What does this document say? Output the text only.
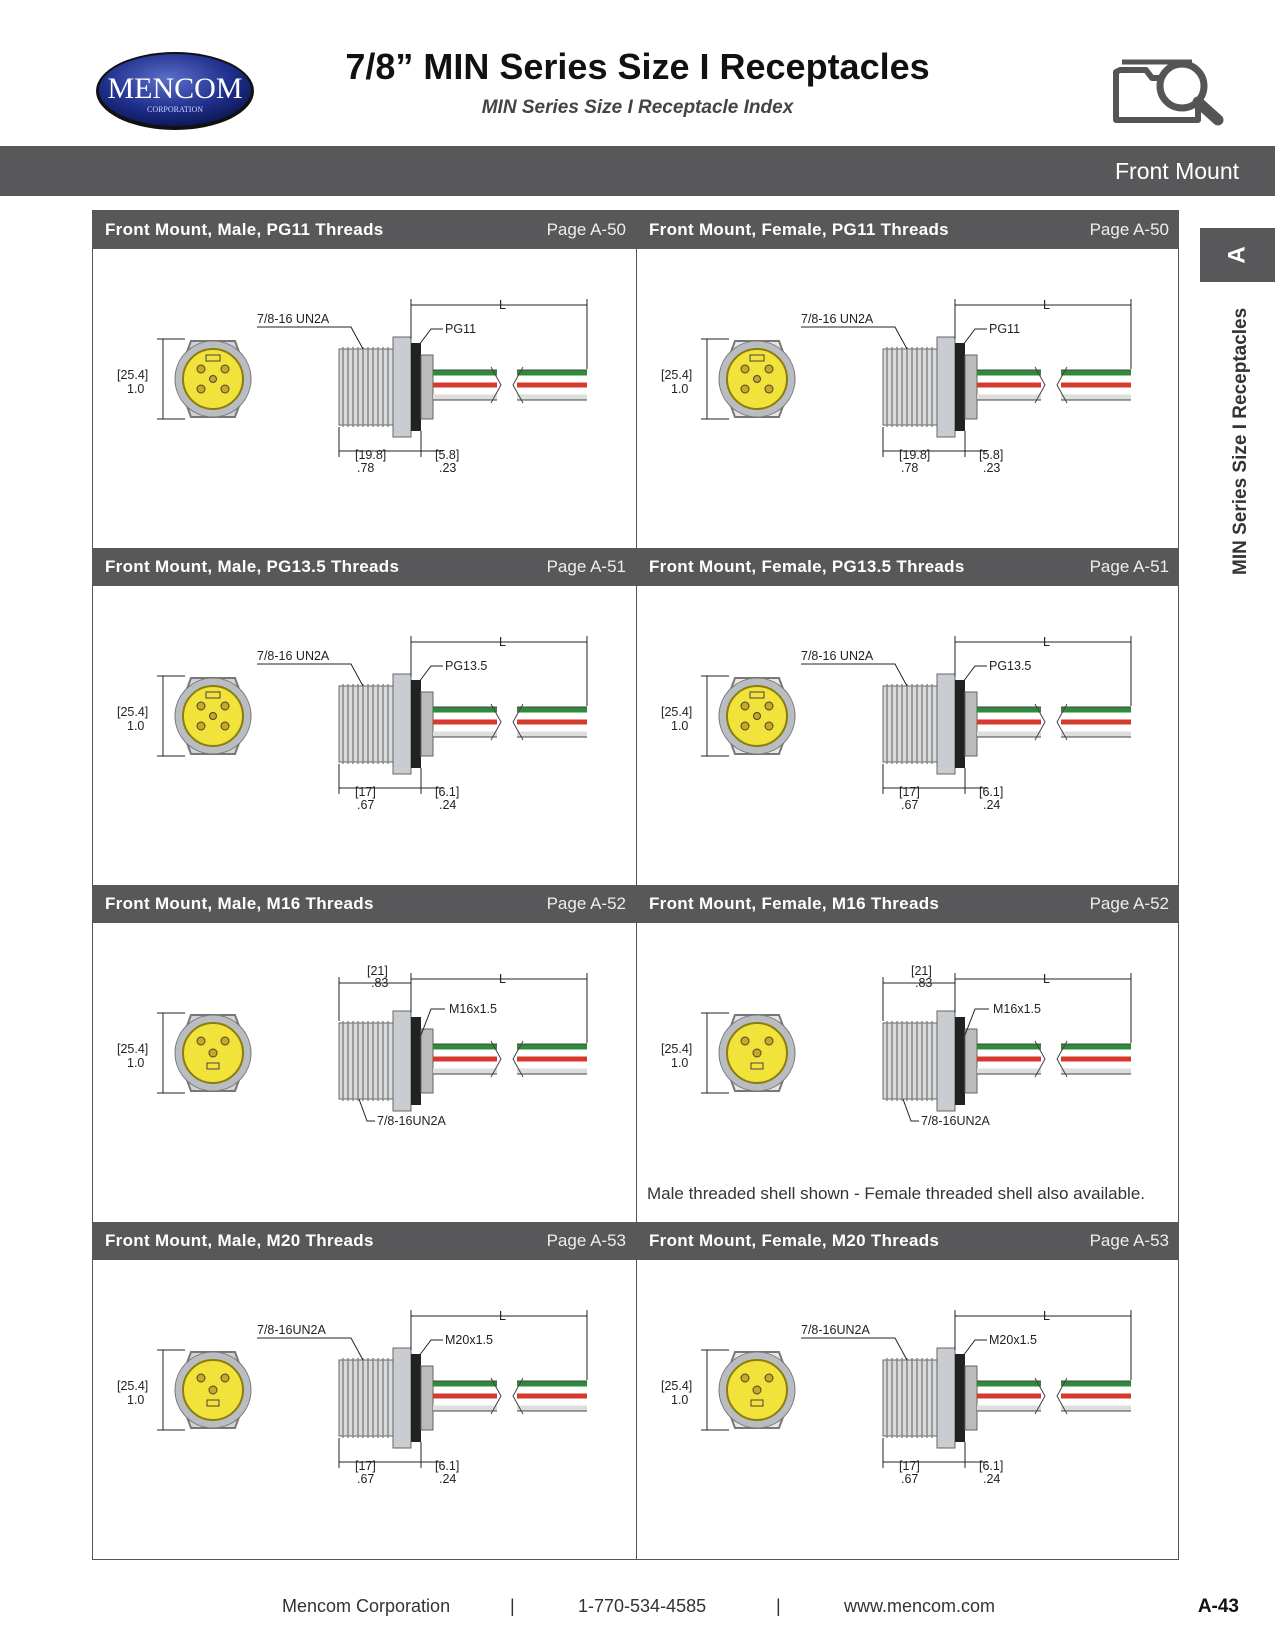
MENCOM
CORPORATION
7/8” MIN Series Size I Receptacles
MIN Series Size I Receptacle Index
Front Mount
A
MIN Series Size I Receptacles
Front Mount, Male, PG11 Threads	Page A-50
[25.4]
1.0
L
7/8-16 UN2A
PG11
[19.8]
.78
[5.8]
.23
Front Mount, Female, PG11 Threads	Page A-50
[25.4]
1.0
L
7/8-16 UN2A
PG11
[19.8]
.78
[5.8]
.23
Front Mount, Male, PG13.5 Threads	Page A-51
[25.4]
1.0
L
7/8-16 UN2A
PG13.5
[17]
.67
[6.1]
.24
Front Mount, Female, PG13.5 Threads	Page A-51
[25.4]
1.0
L
7/8-16 UN2A
PG13.5
[17]
.67
[6.1]
.24
Front Mount, Male, M16 Threads	Page A-52
[25.4]
1.0
L
M16x1.5
7/8-16UN2A
[21]
.83
Front Mount, Female, M16 Threads	Page A-52
[25.4]
1.0
L
M16x1.5
7/8-16UN2A
[21]
.83
Male threaded shell shown - Female threaded shell also available.
Front Mount, Male, M20 Threads	Page A-53
[25.4]
1.0
L
7/8-16UN2A
M20x1.5
[17]
.67
[6.1]
.24
Front Mount, Female, M20 Threads	Page A-53
[25.4]
1.0
L
7/8-16UN2A
M20x1.5
[17]
.67
[6.1]
.24
Mencom Corporation	|	1-770-534-4585	|	www.mencom.com	A-43
